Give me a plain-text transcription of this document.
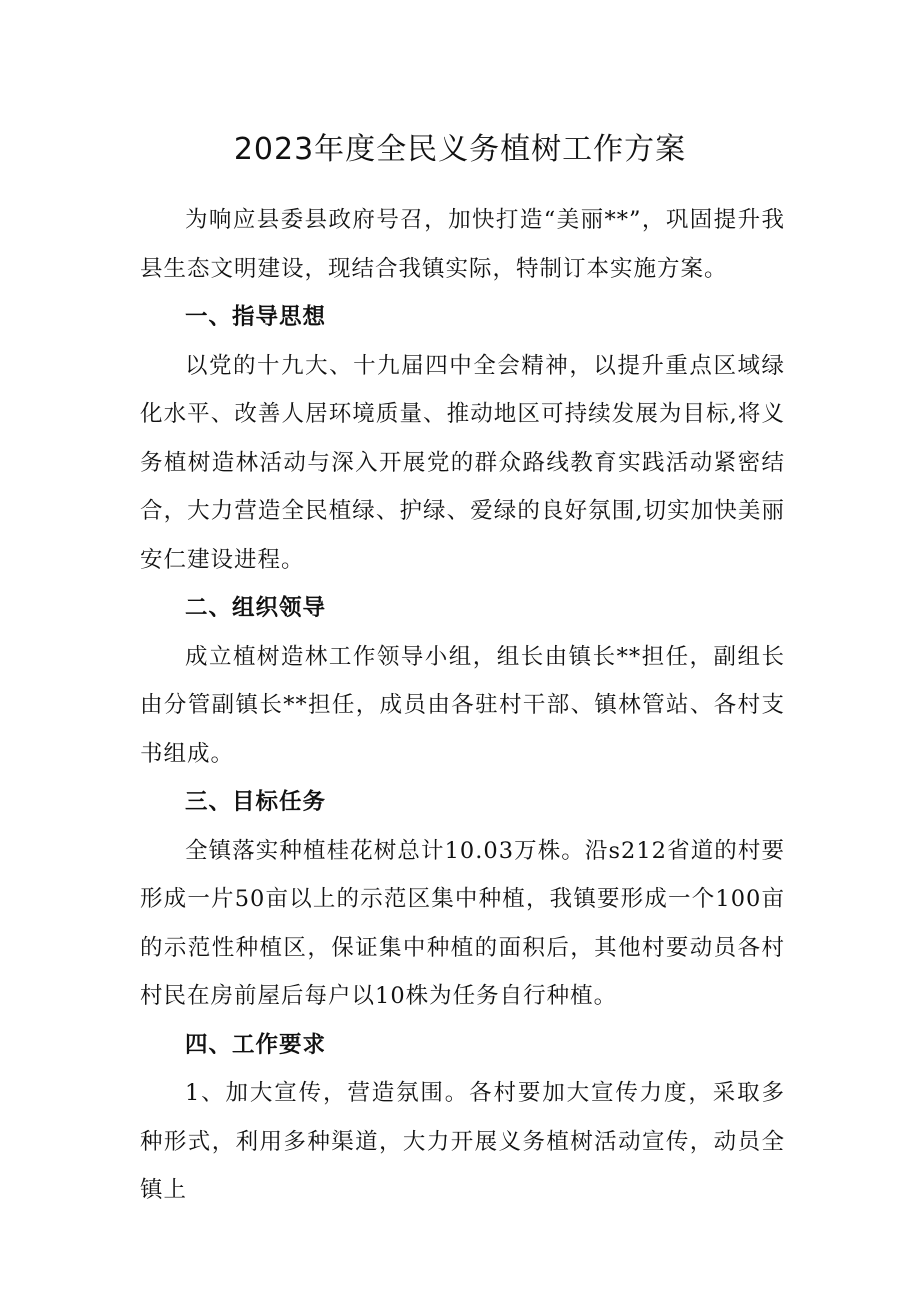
2023年度全民义务植树工作方案

为响应县委县政府号召，加快打造“美丽**”，巩固提升我县生态文明建设，现结合我镇实际，特制订本实施方案。

一、指导思想

以党的十九大、十九届四中全会精神，以提升重点区域绿化水平、改善人居环境质量、推动地区可持续发展为目标,将义务植树造林活动与深入开展党的群众路线教育实践活动紧密结合，大力营造全民植绿、护绿、爱绿的良好氛围,切实加快美丽安仁建设进程。

二、组织领导

成立植树造林工作领导小组，组长由镇长**担任，副组长由分管副镇长**担任，成员由各驻村干部、镇林管站、各村支书组成。

三、目标任务

全镇落实种植桂花树总计10.03万株。沿s212省道的村要形成一片50亩以上的示范区集中种植，我镇要形成一个100亩的示范性种植区，保证集中种植的面积后，其他村要动员各村村民在房前屋后每户以10株为任务自行种植。

四、工作要求

1、加大宣传，营造氛围。各村要加大宣传力度，采取多种形式，利用多种渠道，大力开展义务植树活动宣传，动员全镇上
